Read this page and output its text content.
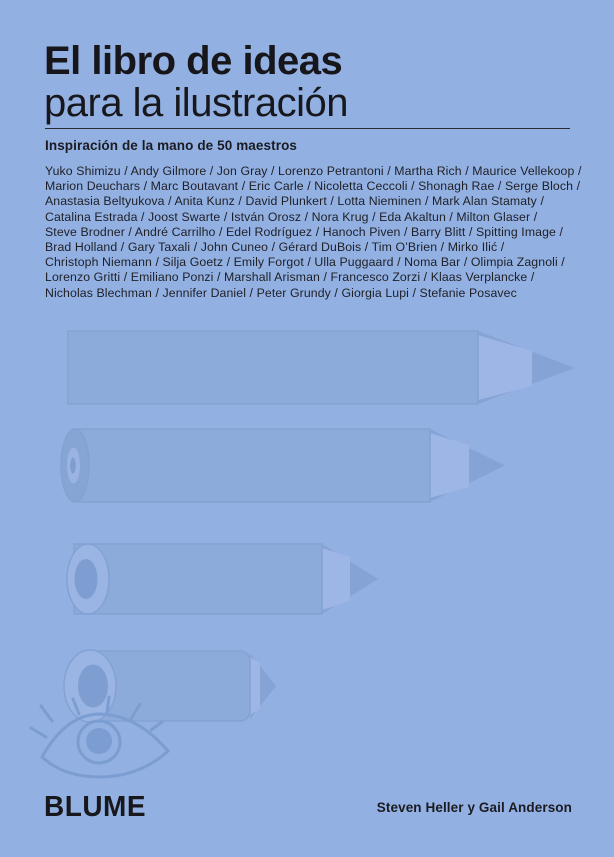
El libro de ideas
para la ilustración
Inspiración de la mano de 50 maestros
Yuko Shimizu / Andy Gilmore / Jon Gray / Lorenzo Petrantoni / Martha Rich / Maurice Vellekoop /
Marion Deuchars / Marc Boutavant / Eric Carle / Nicoletta Ceccoli / Shonagh Rae / Serge Bloch /
Anastasia Beltyukova / Anita Kunz / David Plunkert / Lotta Nieminen / Mark Alan Stamaty /
Catalina Estrada / Joost Swarte / István Orosz / Nora Krug / Eda Akaltun / Milton Glaser /
Steve Brodner / André Carrilho / Edel Rodríguez / Hanoch Piven / Barry Blitt / Spitting Image /
Brad Holland / Gary Taxali / John Cuneo / Gérard DuBois / Tim O’Brien / Mirko Ilić /
Christoph Niemann / Silja Goetz / Emily Forgot / Ulla Puggaard / Noma Bar / Olimpia Zagnoli /
Lorenzo Gritti / Emiliano Ponzi / Marshall Arisman / Francesco Zorzi / Klaas Verplancke /
Nicholas Blechman / Jennifer Daniel / Peter Grundy / Giorgia Lupi / Stefanie Posavec
BLUME	Steven Heller y Gail Anderson
